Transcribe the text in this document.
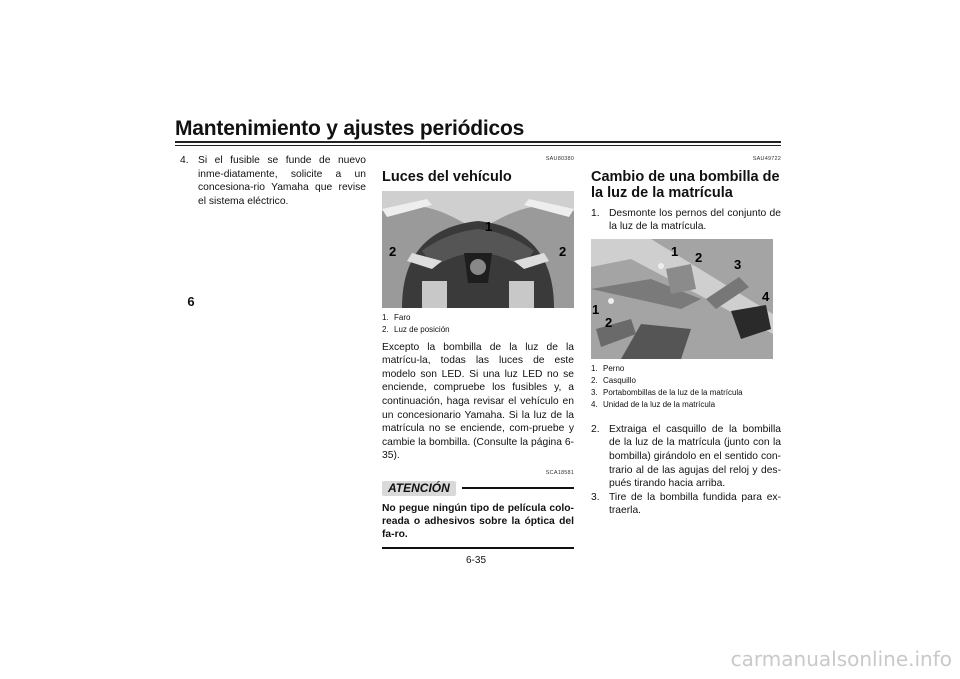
Mantenimiento y ajustes periódicos
6
4. Si el fusible se funde de nuevo inme-diatamente, solicite a un concesiona-rio Yamaha que revise el sistema eléctrico.
SAU80380
Luces del vehículo
1
2	2
1. Faro
2. Luz de posición
Excepto la bombilla de la luz de la matrícu-la, todas las luces de este modelo son LED. Si una luz LED no se enciende, compruebe los fusibles y, a continuación, haga revisar el vehículo en un concesionario Yamaha. Si la luz de la matrícula no se enciende, com-pruebe y cambie la bombilla. (Consulte la página 6-35).
SCA18581
ATENCIÓN
No pegue ningún tipo de película colo-reada o adhesivos sobre la óptica del fa-ro.
SAU49722
Cambio de una bombilla de la luz de la matrícula
1. Desmonte los pernos del conjunto de la luz de la matrícula.
1 2 3
4
1
2
1. Perno
2. Casquillo
3. Portabombillas de la luz de la matrícula
4. Unidad de la luz de la matrícula
2. Extraiga el casquillo de la bombilla de la luz de la matrícula (junto con la bombilla) girándolo en el sentido con-trario al de las agujas del reloj y des-pués tirando hacia arriba.
3. Tire de la bombilla fundida para ex-traerla.
6-35
carmanualsonline.info
